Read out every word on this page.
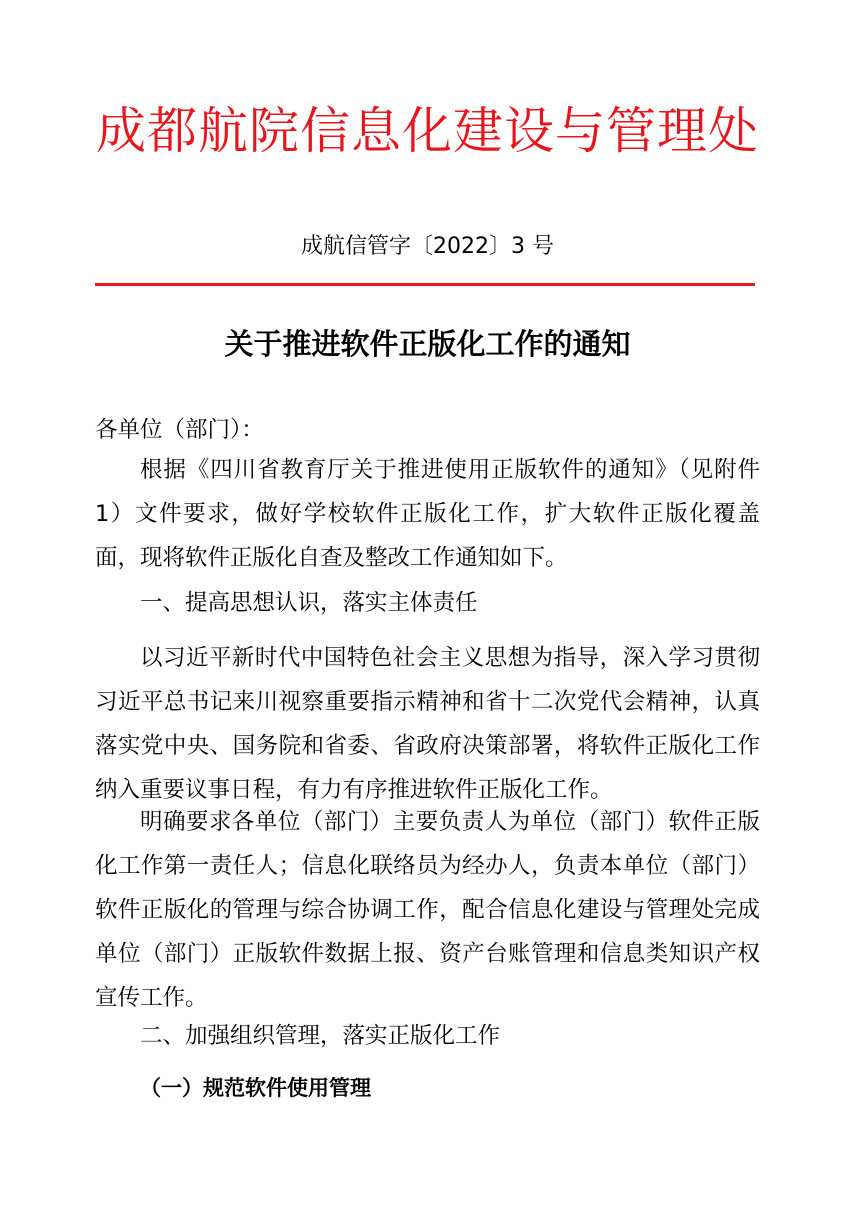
成都航院信息化建设与管理处
成航信管字〔2022〕3 号
关于推进软件正版化工作的通知
各单位（部门）：

根据《四川省教育厅关于推进使用正版软件的通知》（见附件 1）文件要求，做好学校软件正版化工作，扩大软件正版化覆盖面，现将软件正版化自查及整改工作通知如下。

一、提高思想认识，落实主体责任

以习近平新时代中国特色社会主义思想为指导，深入学习贯彻习近平总书记来川视察重要指示精神和省十二次党代会精神，认真落实党中央、国务院和省委、省政府决策部署，将软件正版化工作纳入重要议事日程，有力有序推进软件正版化工作。

明确要求各单位（部门）主要负责人为单位（部门）软件正版化工作第一责任人；信息化联络员为经办人，负责本单位（部门）软件正版化的管理与综合协调工作，配合信息化建设与管理处完成单位（部门）正版软件数据上报、资产台账管理和信息类知识产权宣传工作。

二、加强组织管理，落实正版化工作
（一）规范软件使用管理
